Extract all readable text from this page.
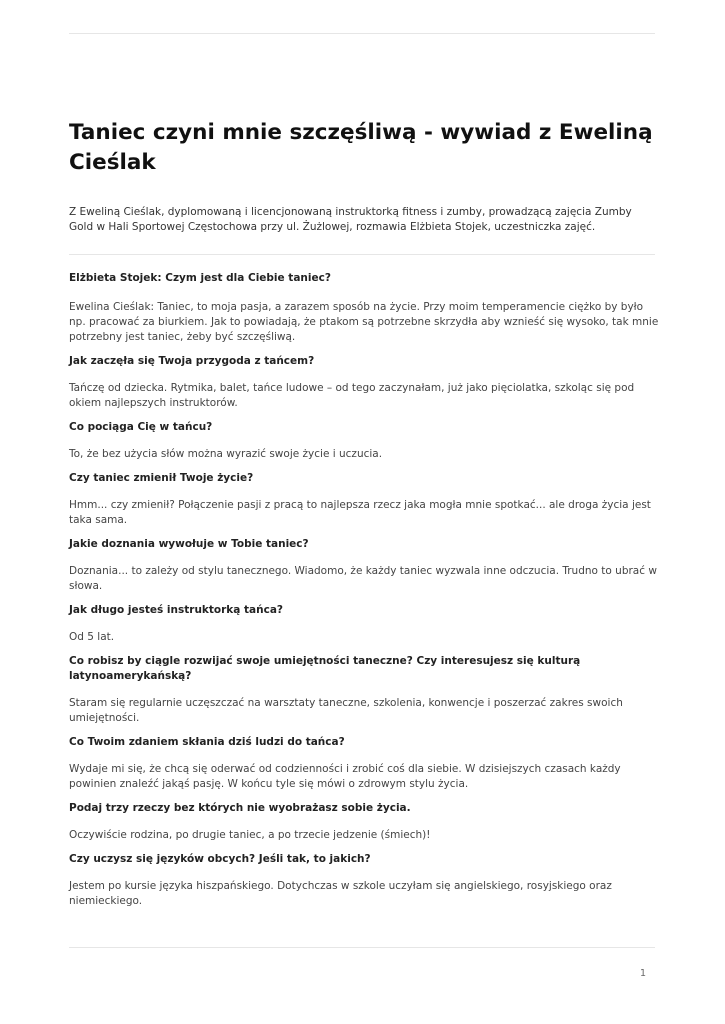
Taniec czyni mnie szczęśliwą - wywiad z Eweliną Cieślak

Z Eweliną Cieślak, dyplomowaną i licencjonowaną instruktorką fitness i zumby, prowadzącą zajęcia Zumby Gold w Hali Sportowej Częstochowa przy ul. Żużlowej, rozmawia Elżbieta Stojek, uczestniczka zajęć.

Elżbieta Stojek: Czym jest dla Ciebie taniec?

Ewelina Cieślak: Taniec, to moja pasja, a zarazem sposób na życie. Przy moim temperamencie ciężko by było np. pracować za biurkiem. Jak to powiadają, że ptakom są potrzebne skrzydła aby wznieść się wysoko, tak mnie potrzebny jest taniec, żeby być szczęśliwą.

Jak zaczęła się Twoja przygoda z tańcem?

Tańczę od dziecka. Rytmika, balet, tańce ludowe – od tego zaczynałam, już jako pięciolatka, szkoląc się pod okiem najlepszych instruktorów.

Co pociąga Cię w tańcu?

To, że bez użycia słów można wyrazić swoje życie i uczucia.

Czy taniec zmienił Twoje życie?

Hmm... czy zmienił? Połączenie pasji z pracą to najlepsza rzecz jaka mogła mnie spotkać... ale droga życia jest taka sama.

Jakie doznania wywołuje w Tobie taniec?

Doznania... to zależy od stylu tanecznego. Wiadomo, że każdy taniec wyzwala inne odczucia. Trudno to ubrać w słowa.

Jak długo jesteś instruktorką tańca?

Od 5 lat.

Co robisz by ciągle rozwijać swoje umiejętności taneczne? Czy interesujesz się kulturą latynoamerykańską?

Staram się regularnie uczęszczać na warsztaty taneczne, szkolenia, konwencje i poszerzać zakres swoich umiejętności.

Co Twoim zdaniem skłania dziś ludzi do tańca?

Wydaje mi się, że chcą się oderwać od codzienności i zrobić coś dla siebie. W dzisiejszych czasach każdy powinien znaleźć jakąś pasję. W końcu tyle się mówi o zdrowym stylu życia.

Podaj trzy rzeczy bez których nie wyobrażasz sobie życia.

Oczywiście rodzina, po drugie taniec, a po trzecie jedzenie (śmiech)!

Czy uczysz się języków obcych? Jeśli tak, to jakich?

Jestem po kursie języka hiszpańskiego. Dotychczas w szkole uczyłam się angielskiego, rosyjskiego oraz niemieckiego.

1
